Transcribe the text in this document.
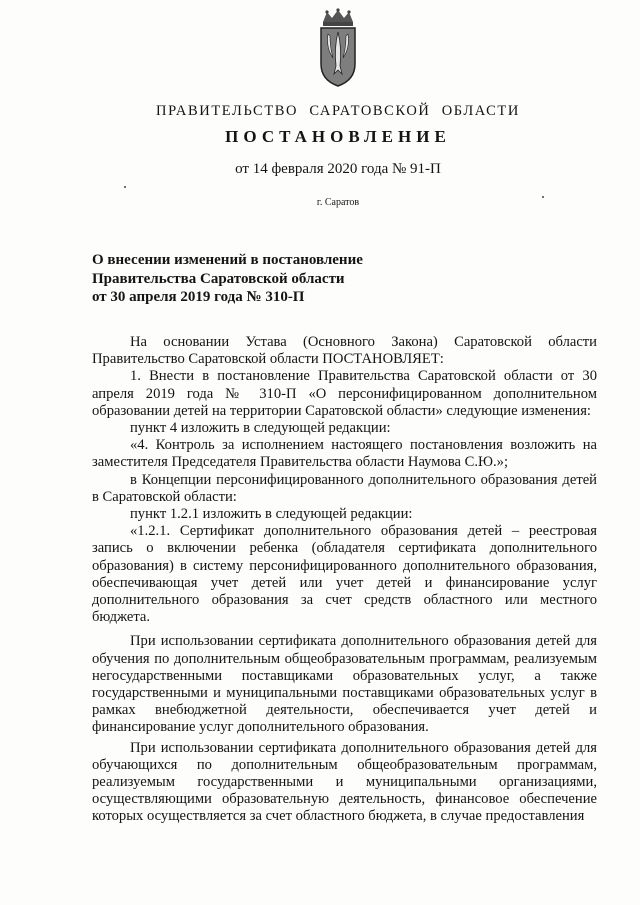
ПРАВИТЕЛЬСТВО САРАТОВСКОЙ ОБЛАСТИ
ПОСТАНОВЛЕНИЕ
от 14 февраля 2020 года № 91-П
г. Саратов
О внесении изменений в постановление
Правительства Саратовской области
от 30 апреля 2019 года № 310-П

На основании Устава (Основного Закона) Саратовской области Правительство Саратовской области ПОСТАНОВЛЯЕТ:

1. Внести в постановление Правительства Саратовской области от 30 апреля 2019 года № 310-П «О персонифицированном дополнительном образовании детей на территории Саратовской области» следующие изменения:

пункт 4 изложить в следующей редакции:

«4. Контроль за исполнением настоящего постановления возложить на заместителя Председателя Правительства области Наумова С.Ю.»;

в Концепции персонифицированного дополнительного образования детей в Саратовской области:

пункт 1.2.1 изложить в следующей редакции:

«1.2.1. Сертификат дополнительного образования детей – реестровая запись о включении ребенка (обладателя сертификата дополнительного образования) в систему персонифицированного дополнительного образования, обеспечивающая учет детей или учет детей и финансирование услуг дополнительного образования за счет средств областного или местного бюджета.

При использовании сертификата дополнительного образования детей для обучения по дополнительным общеобразовательным программам, реализуемым негосударственными поставщиками образовательных услуг, а также государственными и муниципальными поставщиками образовательных услуг в рамках внебюджетной деятельности, обеспечивается учет детей и финансирование услуг дополнительного образования.

При использовании сертификата дополнительного образования детей для обучающихся по дополнительным общеобразовательным программам, реализуемым государственными и муниципальными организациями, осуществляющими образовательную деятельность, финансовое обеспечение которых осуществляется за счет областного бюджета, в случае предоставления
